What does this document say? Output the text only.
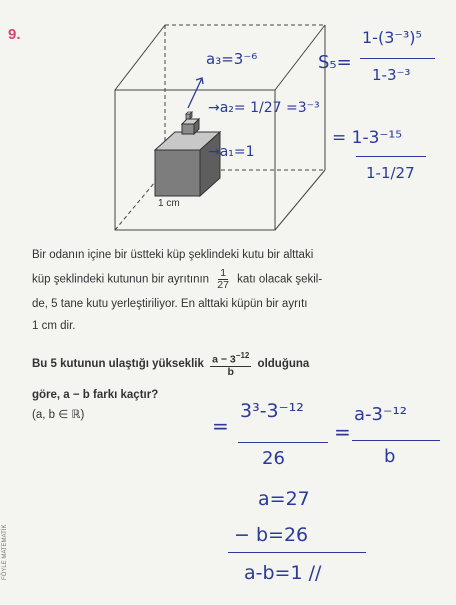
9.
1 cm
a₃=3⁻⁶
→a₂= 1/27 =3⁻³
→a₁=1
S₅=
1-(3⁻³)⁵
1-3⁻³
= 1-3⁻¹⁵
1-1/27
Bir odanın içine bir üstteki küp şeklindeki kutu bir alttaki
küp şeklindeki kutunun bir ayrıtının $\frac{1}{27}$ katı olacak şekil-
de, 5 tane kutu yerleştiriliyor. En alttaki küpün bir ayrıtı
1 cm dir.
Bu 5 kutunun ulaştığı yükseklik $\frac{a - 3^{-12}}{b}$ olduğuna
göre, a − b farkı kaçtır?
(a, b ∈ ℝ)	=
3³-3⁻¹²
26
=
a-3⁻¹²
b
a=27
− b=26
a-b=1 //
FÖYLE MATEMATİK
